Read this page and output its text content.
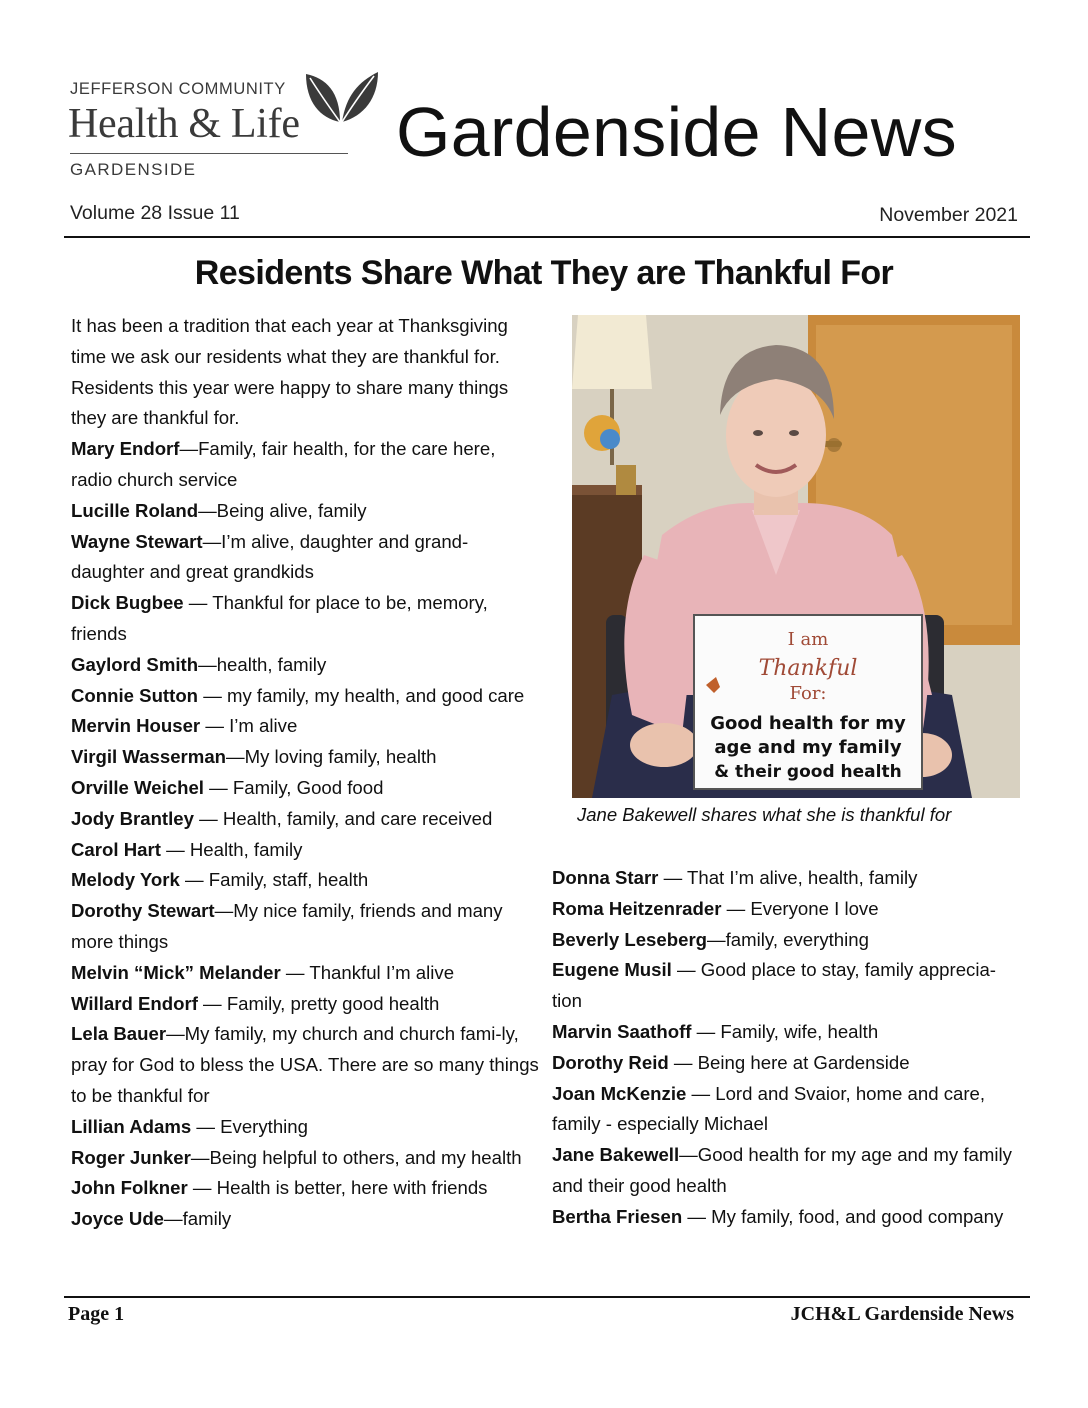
JEFFERSON COMMUNITY
Health & Life
GARDENSIDE	Gardenside News
Volume 28 Issue 11	November 2021
Residents Share What They are Thankful For

It has been a tradition that each year at Thanksgiving time we ask our residents what they are thankful for. Residents this year were happy to share many things they are thankful for.

Mary Endorf—Family, fair health, for the care here, radio church service

Lucille Roland—Being alive, family

Wayne Stewart—I’m alive, daughter and grand-daughter and great grandkids

Dick Bugbee — Thankful for place to be, memory, friends

Gaylord Smith—health, family

Connie Sutton — my family, my health, and good care

Mervin Houser — I’m alive

Virgil Wasserman—My loving family, health

Orville Weichel — Family, Good food

Jody Brantley — Health, family, and care received

Carol Hart — Health, family

Melody York — Family, staff, health

Dorothy Stewart—My nice family, friends and many more things

Melvin “Mick” Melander — Thankful I’m alive

Willard Endorf — Family, pretty good health

Lela Bauer—My family, my church and church fami-ly, pray for God to bless the USA. There are so many things to be thankful for

Lillian Adams — Everything

Roger Junker—Being helpful to others, and my health

John Folkner — Health is better, here with friends

Joyce Ude—family

I am
Thankful
For:
Good health for my
age and my family
& their good health
Jane Bakewell shares what she is thankful for

Donna Starr — That I’m alive, health, family

Roma Heitzenrader — Everyone I love

Beverly Leseberg—family, everything

Eugene Musil — Good place to stay, family apprecia-tion

Marvin Saathoff — Family, wife, health

Dorothy Reid — Being here at Gardenside

Joan McKenzie — Lord and Svaior, home and care, family - especially Michael

Jane Bakewell—Good health for my age and my family and their good health

Bertha Friesen — My family, food, and good company

Page 1	JCH&L Gardenside News
